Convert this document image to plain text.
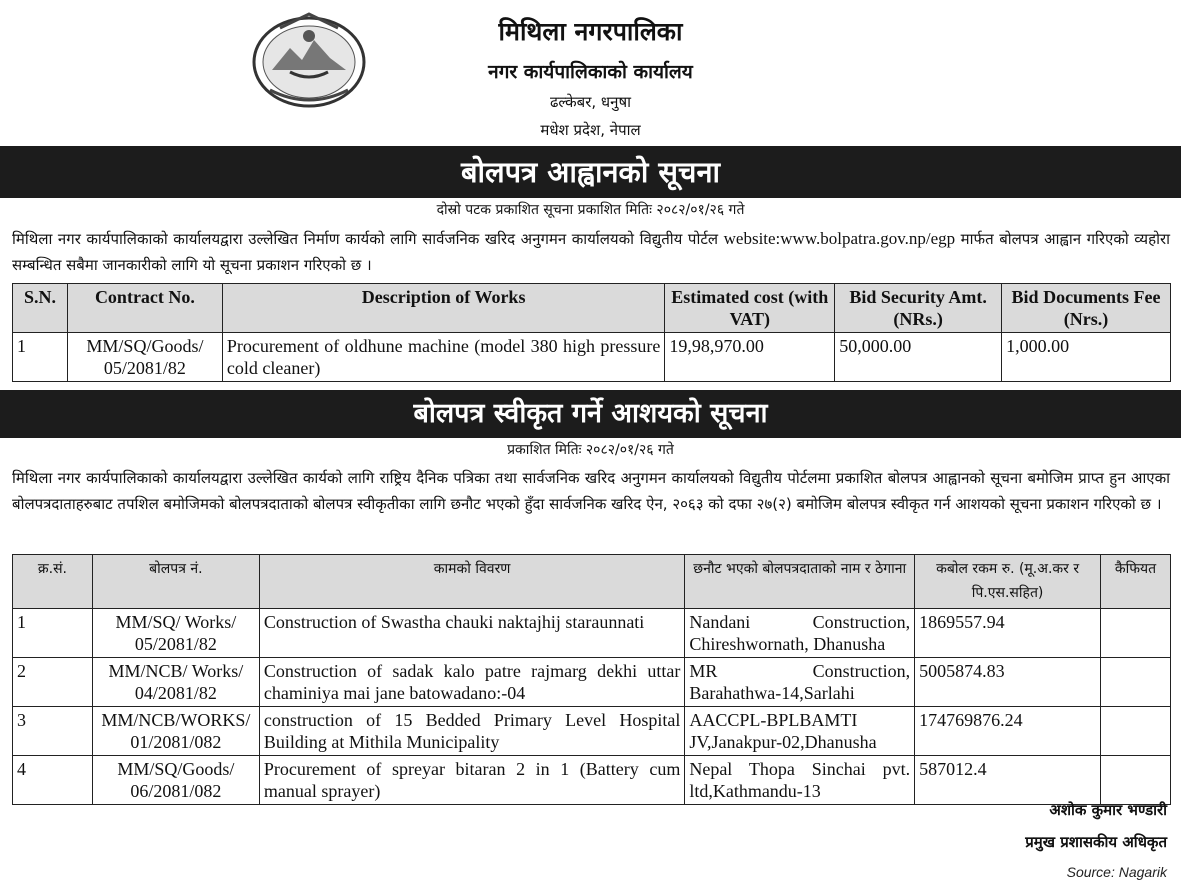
मिथिला नगरपालिका
नगर कार्यपालिकाको कार्यालय
ढल्केबर, धनुषा
मधेश प्रदेश, नेपाल
बोलपत्र आह्वानको सूचना
दोस्रो पटक प्रकाशित सूचना प्रकाशित मितिः २०८२/०१/२६ गते
मिथिला नगर कार्यपालिकाको कार्यालयद्वारा उल्लेखित निर्माण कार्यको लागि सार्वजनिक खरिद अनुगमन कार्यालयको विद्युतीय पोर्टल website:www.bolpatra.gov.np/egp मार्फत बोलपत्र आह्वान गरिएको व्यहोरा सम्बन्धित सबैमा जानकारीको लागि यो सूचना प्रकाशन गरिएको छ ।
S.N.	Contract No.	Description of Works	Estimated cost (with VAT)	Bid Security Amt. (NRs.)	Bid Documents Fee (Nrs.)
1	MM/SQ/Goods/ 05/2081/82	Procurement of oldhune machine (model 380 high pressure cold cleaner)	19,98,970.00	50,000.00	1,000.00
बोलपत्र स्वीकृत गर्ने आशयको सूचना
प्रकाशित मितिः २०८२/०१/२६ गते
मिथिला नगर कार्यपालिकाको कार्यालयद्वारा उल्लेखित कार्यको लागि राष्ट्रिय दैनिक पत्रिका तथा सार्वजनिक खरिद अनुगमन कार्यालयको विद्युतीय पोर्टलमा प्रकाशित बोलपत्र आह्वानको सूचना बमोजिम प्राप्त हुन आएका बोलपत्रदाताहरुबाट तपशिल बमोजिमको बोलपत्रदाताको बोलपत्र स्वीकृतीका लागि छनौट भएको हुँदा सार्वजनिक खरिद ऐन, २०६३ को दफा २७(२) बमोजिम बोलपत्र स्वीकृत गर्न आशयको सूचना प्रकाशन गरिएको छ ।
क्र.सं.	बोलपत्र नं.	कामको विवरण	छनौट भएको बोलपत्रदाताको नाम र ठेगाना	कबोल रकम रु. (मू.अ.कर र पि.एस.सहित)	कैफियत
1	MM/SQ/ Works/ 05/2081/82	Construction of Swastha chauki naktajhij staraunnati	Nandani Construction, Chireshwornath, Dhanusha	1869557.94	
2	MM/NCB/ Works/ 04/2081/82	Construction of sadak kalo patre rajmarg dekhi uttar chaminiya mai jane batowadano:-04	MR Construction, Barahathwa-14,Sarlahi	5005874.83	
3	MM/NCB/WORKS/ 01/2081/082	construction of 15 Bedded Primary Level Hospital Building at Mithila Municipality	AACCPL-BPLBAMTI JV,Janakpur-02,Dhanusha	174769876.24	
4	MM/SQ/Goods/ 06/2081/082	Procurement of spreyar bitaran 2 in 1 (Battery cum manual sprayer)	Nepal Thopa Sinchai pvt. ltd,Kathmandu-13	587012.4	
अशोक कुमार भण्डारी
प्रमुख प्रशासकीय अधिकृत
Source: Nagarik
